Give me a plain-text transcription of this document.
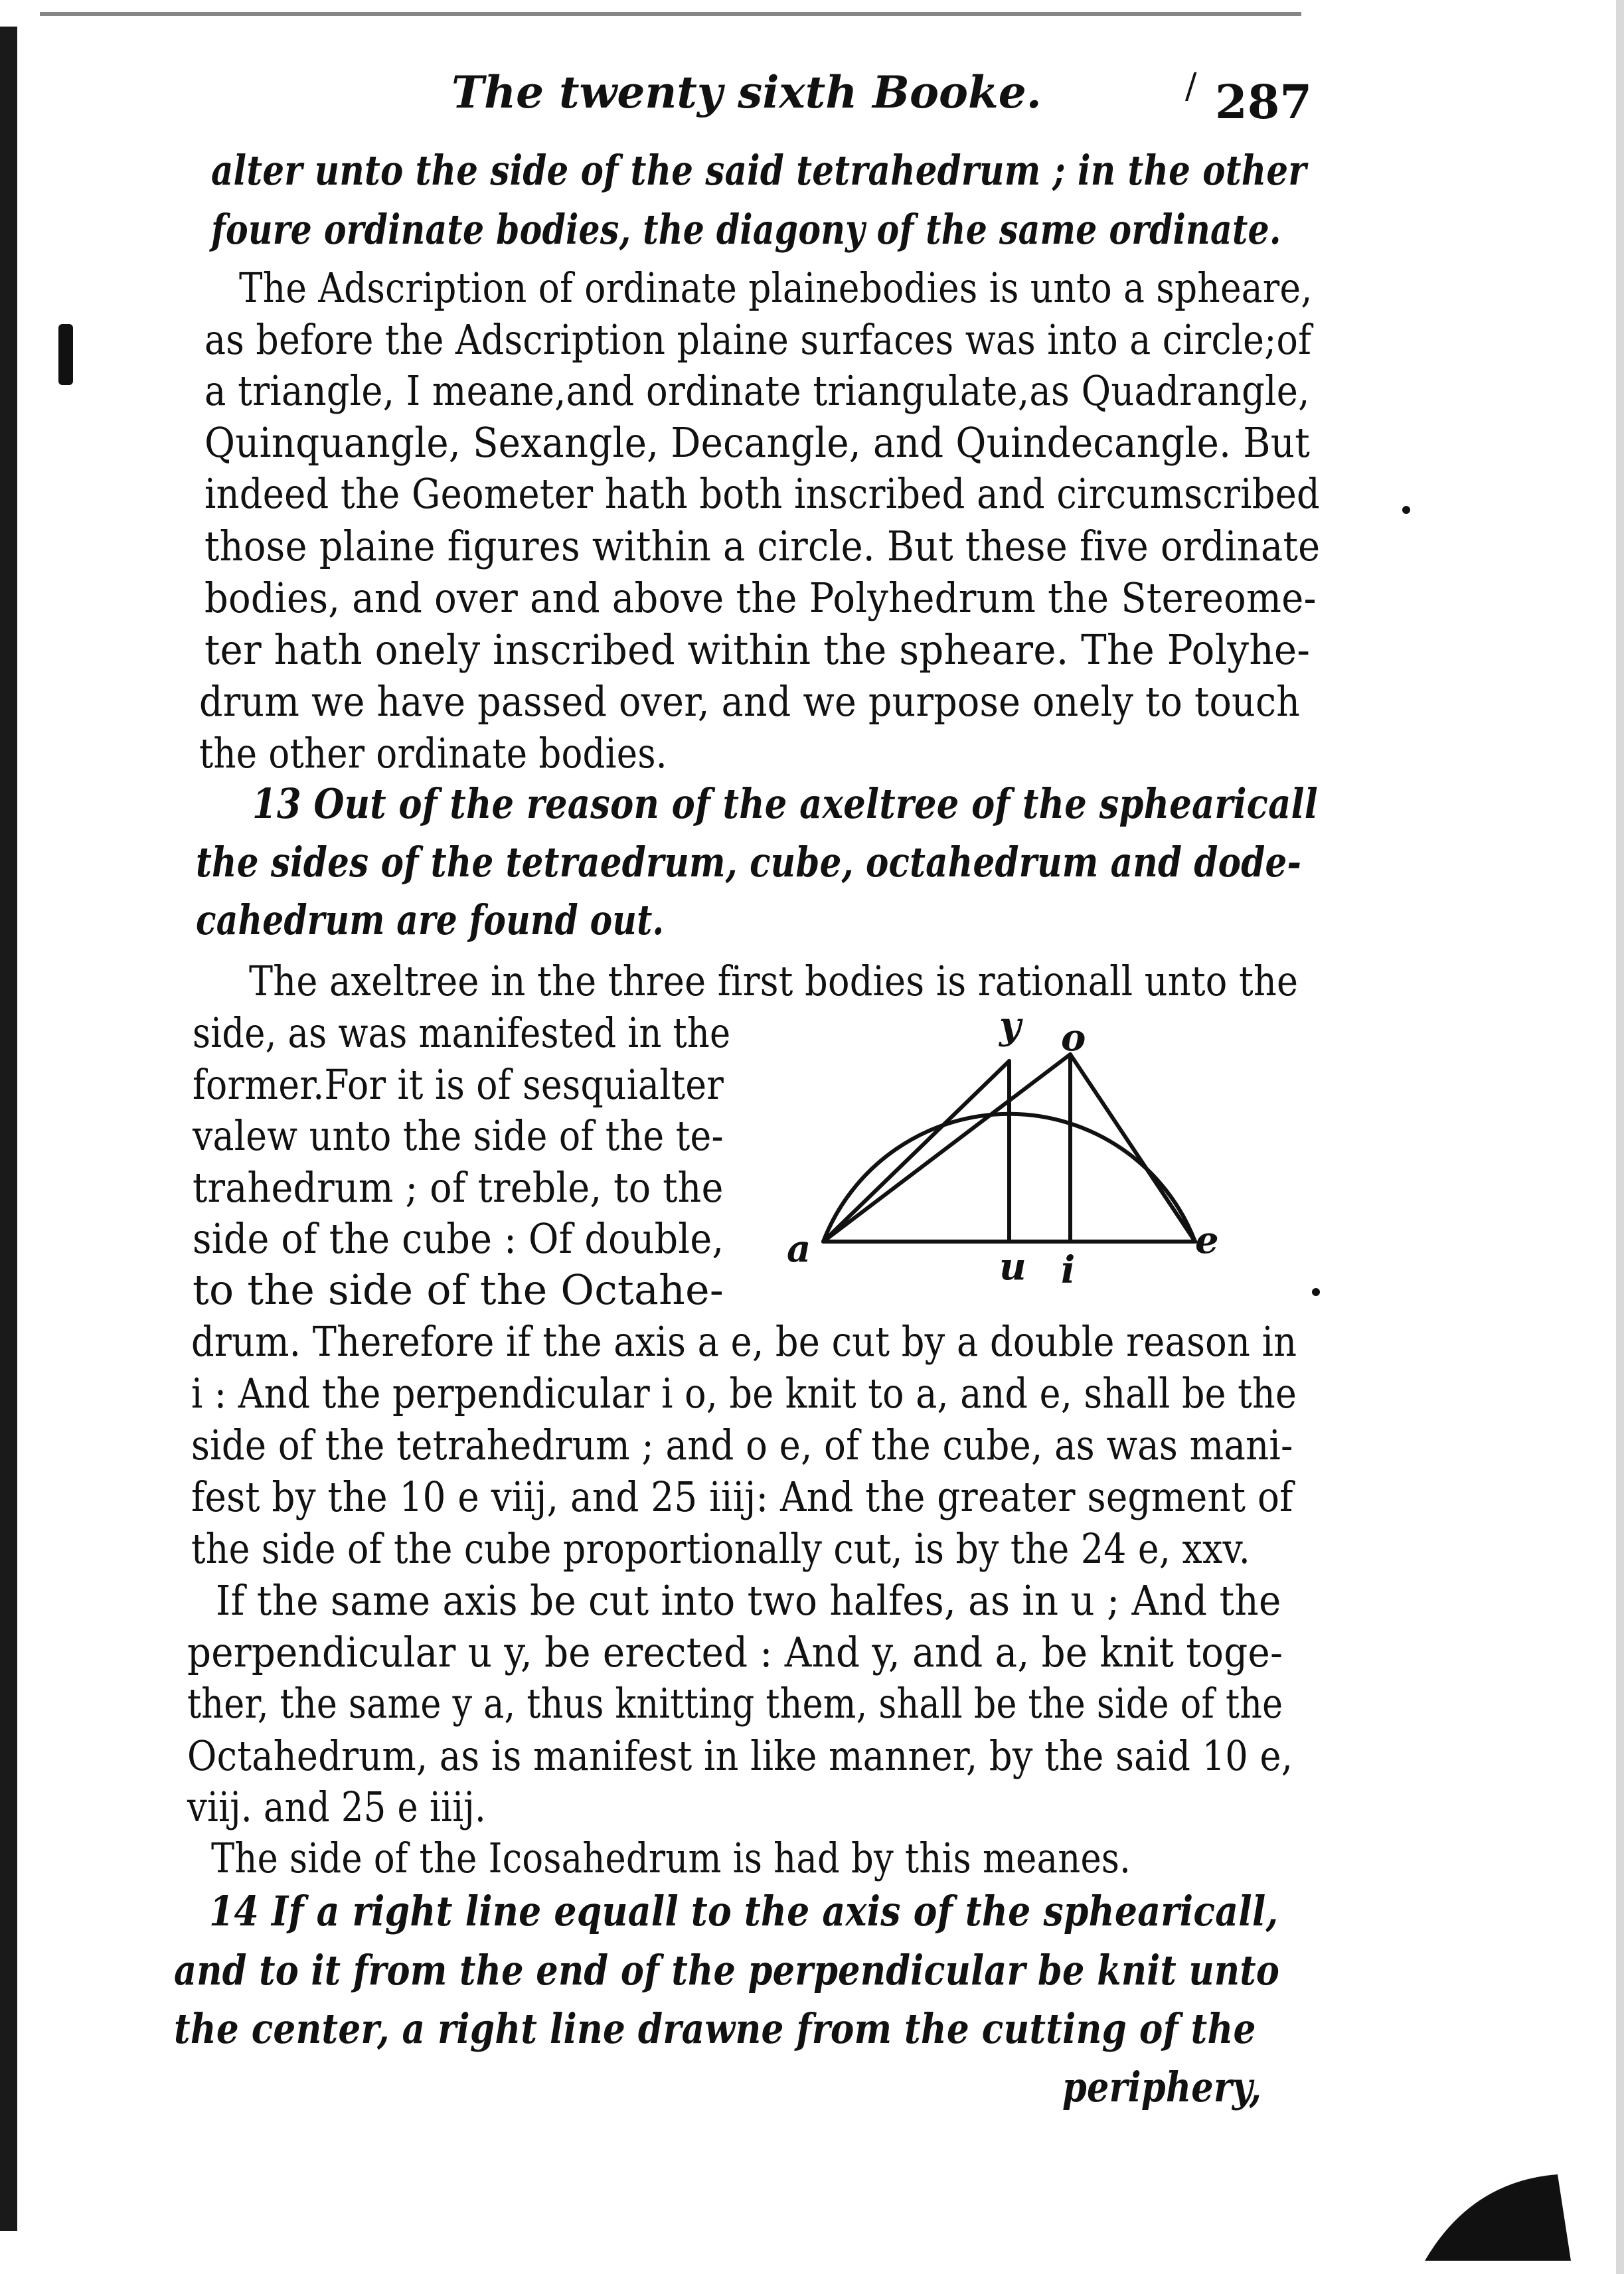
/
The twenty sixth Booke.	287
alter unto the side of the said tetrahedrum ; in the other
foure ordinate bodies, the diagony of the same ordinate.
The Adscription of ordinate plainebodies is unto a spheare,
as before the Adscription plaine surfaces was into a circle;of
a triangle, I meane,and ordinate triangulate,as Quadrangle,
Quinquangle, Sexangle, Decangle, and Quindecangle. But
indeed the Geometer hath both inscribed and circumscribed
those plaine figures within a circle. But these five ordinate
bodies, and over and above the Polyhedrum the Stereome-
ter hath onely inscribed within the spheare. The Polyhe-
drum we have passed over, and we purpose onely to touch
the other ordinate bodies.
13 Out of the reason of the axeltree of the sphearicall
the sides of the tetraedrum, cube, octahedrum and dode-
cahedrum are found out.
The axeltree in the three first bodies is rationall unto the
side, as was manifested in the
former.For it is of sesquialter
valew unto the side of the te-
trahedrum ; of treble, to the
side of the cube : Of double,
to the side of the Octahe-
drum. Therefore if the axis a e, be cut by a double reason in
i : And the perpendicular i o, be knit to a, and e, shall be the
side of the tetrahedrum ; and o e, of the cube, as was mani-
fest by the 10 e viij, and 25 iiij: And the greater segment of
the side of the cube proportionally cut, is by the 24 e, xxv.
If the same axis be cut into two halfes, as in u ; And the
perpendicular u y, be erected : And y, and a, be knit toge-
ther, the same y a, thus knitting them, shall be the side of the
Octahedrum, as is manifest in like manner, by the said 10 e,
viij. and 25 e iiij.
The side of the Icosahedrum is had by this meanes.
14 If a right line equall to the axis of the sphearicall,
and to it from the end of the perpendicular be knit unto
the center, a right line drawne from the cutting of the
periphery,
a	e
u i
y o
